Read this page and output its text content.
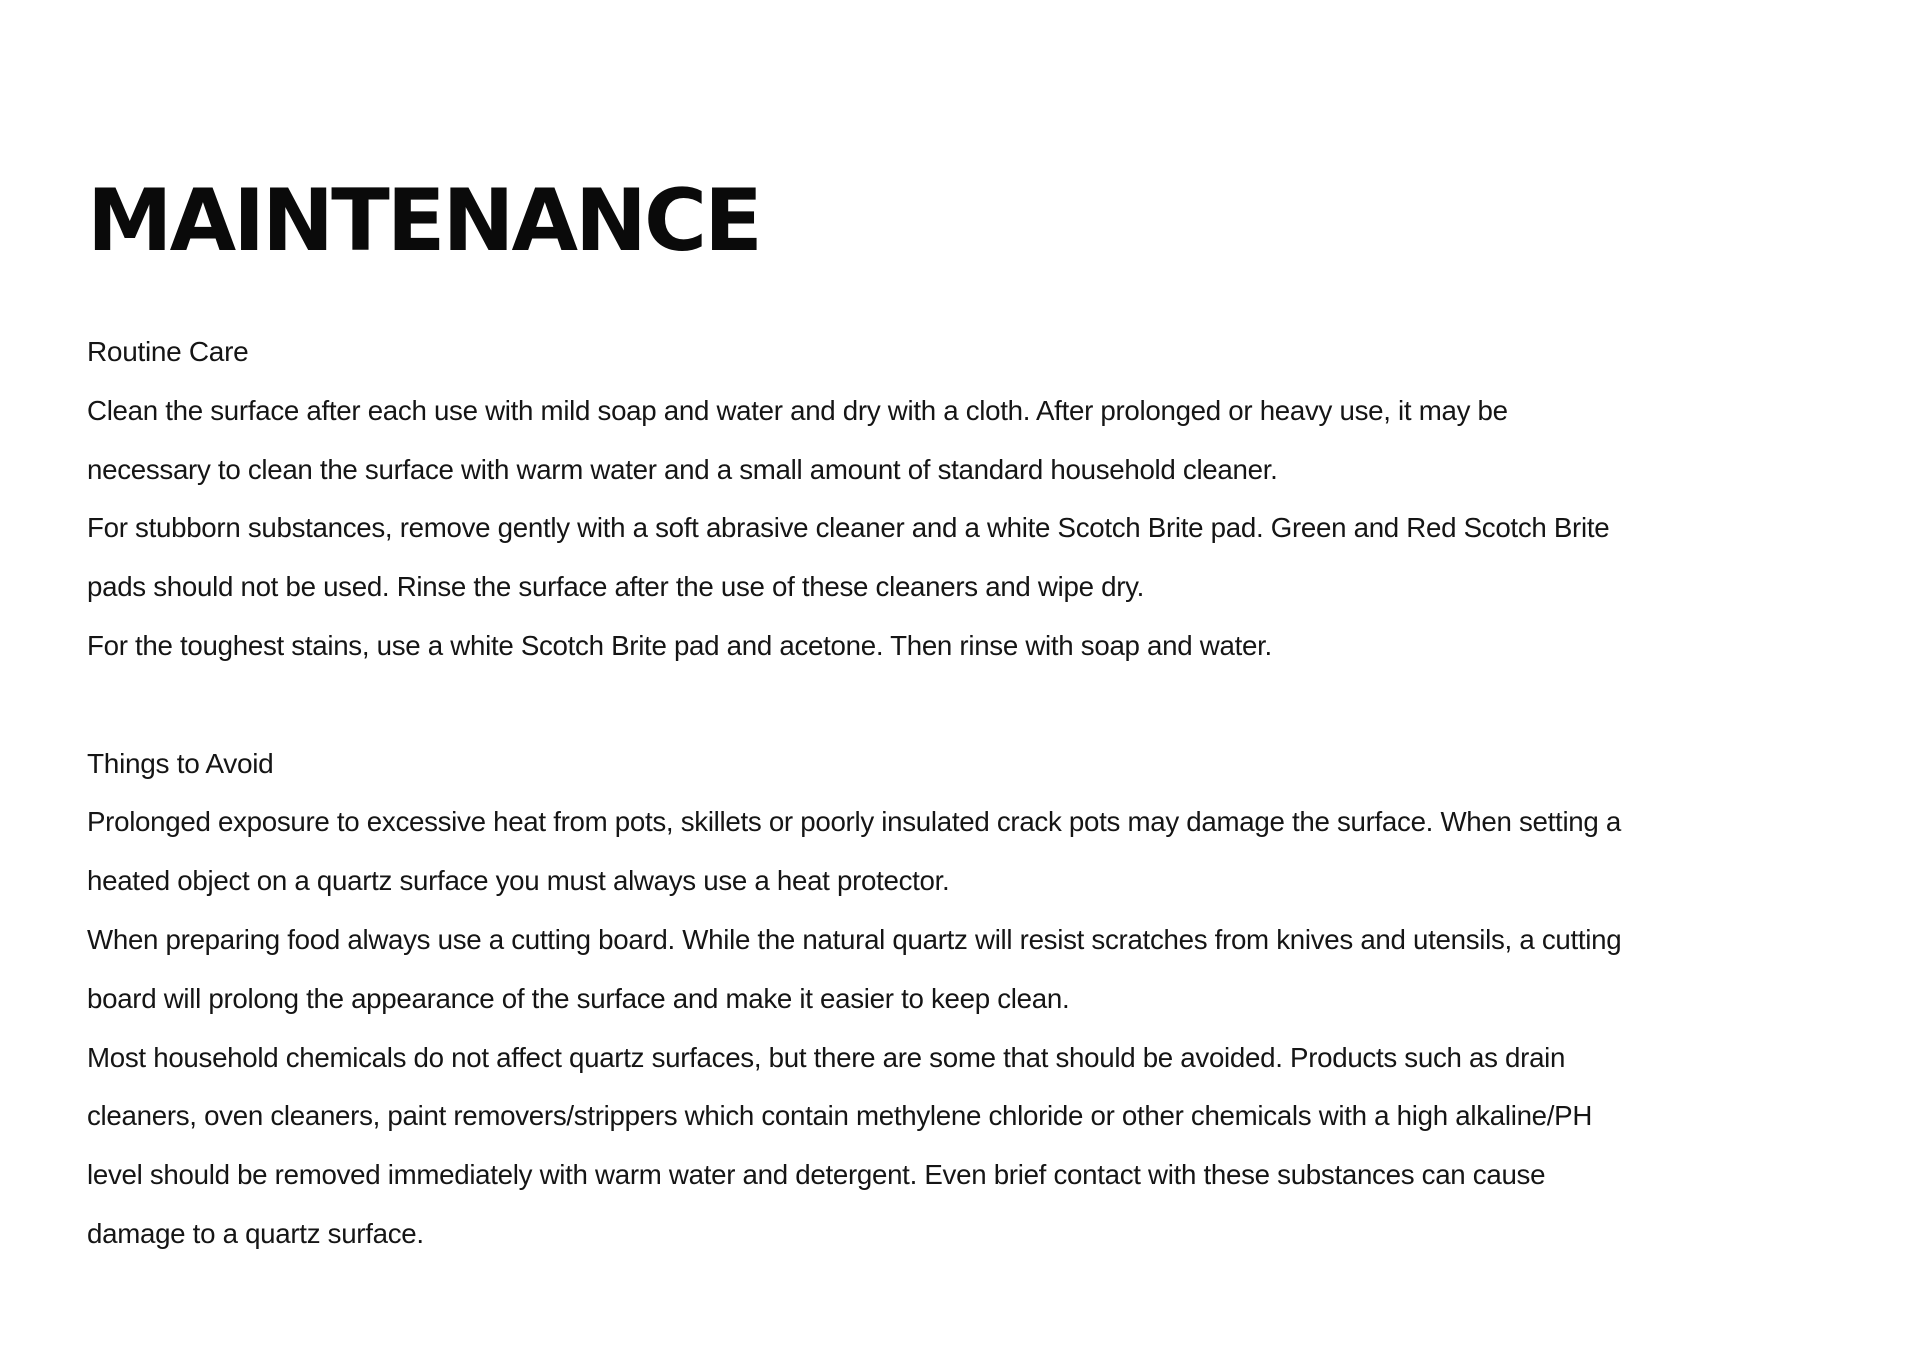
MAINTENANCE
Routine Care
Clean the surface after each use with mild soap and water and dry with a cloth. After prolonged or heavy use, it may be
necessary to clean the surface with warm water and a small amount of standard household cleaner.
For stubborn substances, remove gently with a soft abrasive cleaner and a white Scotch Brite pad. Green and Red Scotch Brite
pads should not be used. Rinse the surface after the use of these cleaners and wipe dry.
For the toughest stains, use a white Scotch Brite pad and acetone. Then rinse with soap and water.
Things to Avoid
Prolonged exposure to excessive heat from pots, skillets or poorly insulated crack pots may damage the surface. When setting a
heated object on a quartz surface you must always use a heat protector.
When preparing food always use a cutting board. While the natural quartz will resist scratches from knives and utensils, a cutting
board will prolong the appearance of the surface and make it easier to keep clean.
Most household chemicals do not affect quartz surfaces, but there are some that should be avoided. Products such as drain
cleaners, oven cleaners, paint removers/strippers which contain methylene chloride or other chemicals with a high alkaline/PH
level should be removed immediately with warm water and detergent. Even brief contact with these substances can cause
damage to a quartz surface.
